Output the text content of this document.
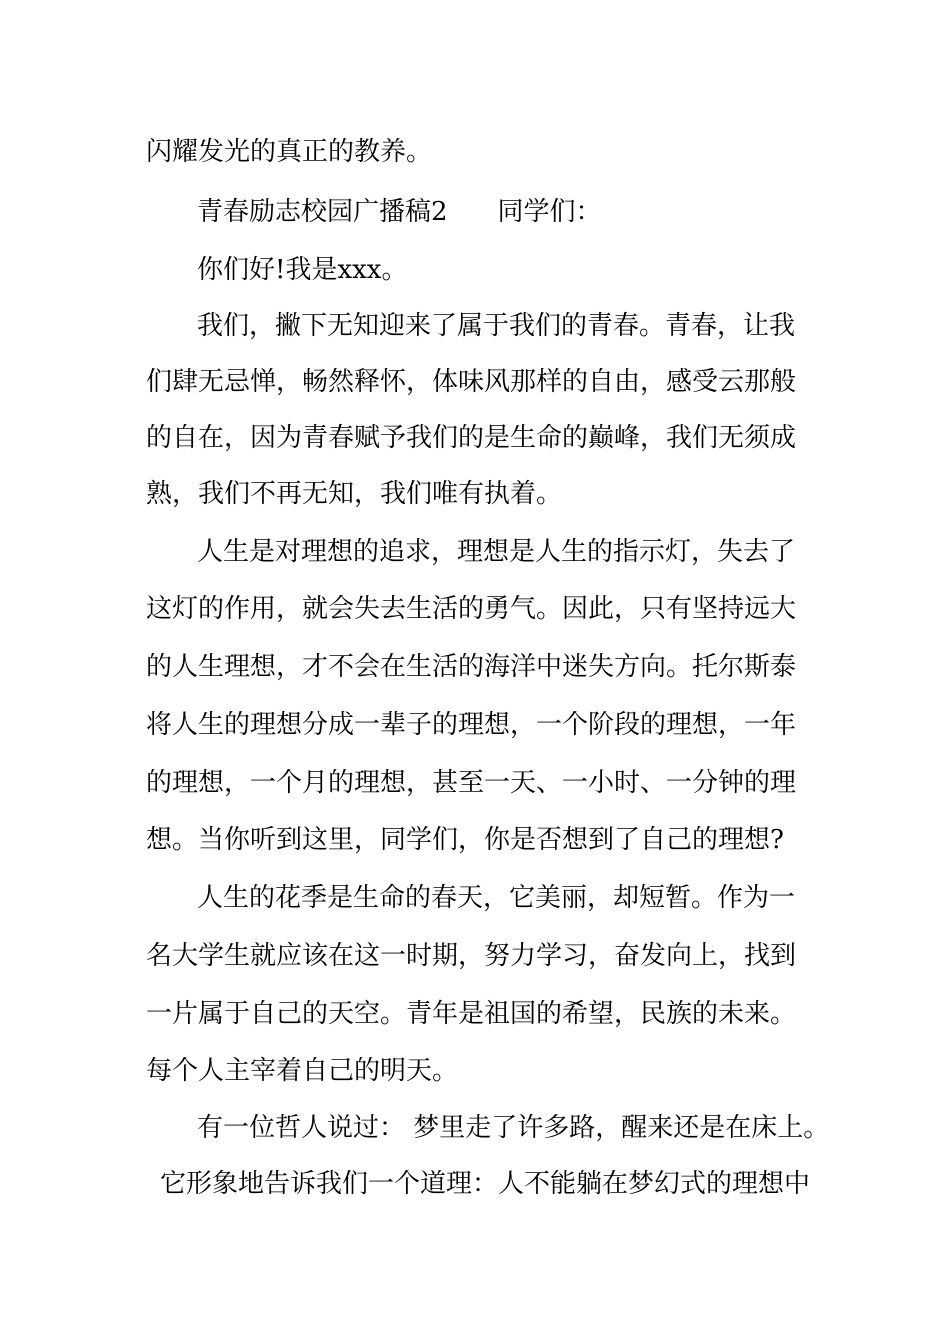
闪耀发光的真正的教养。
青春励志校园广播稿2 同学们：
你们好!我是xxx。
我们，撇下无知迎来了属于我们的青春。青春，让我
们肆无忌惮，畅然释怀，体味风那样的自由，感受云那般
的自在，因为青春赋予我们的是生命的巅峰，我们无须成
熟，我们不再无知，我们唯有执着。
人生是对理想的追求，理想是人生的指示灯，失去了
这灯的作用，就会失去生活的勇气。因此，只有坚持远大
的人生理想，才不会在生活的海洋中迷失方向。托尔斯泰
将人生的理想分成一辈子的理想，一个阶段的理想，一年
的理想，一个月的理想，甚至一天、一小时、一分钟的理
想。当你听到这里，同学们，你是否想到了自己的理想?
人生的花季是生命的春天，它美丽，却短暂。作为一
名大学生就应该在这一时期，努力学习，奋发向上，找到
一片属于自己的天空。青年是祖国的希望，民族的未来。
每个人主宰着自己的明天。
有一位哲人说过： 梦里走了许多路，醒来还是在床上。
它形象地告诉我们一个道理：人不能躺在梦幻式的理想中
